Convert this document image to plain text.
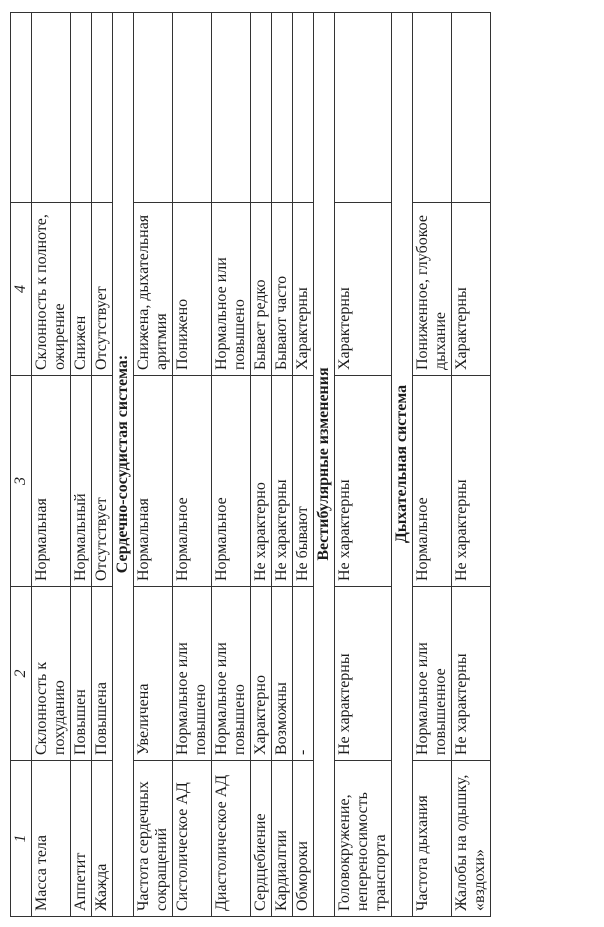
1	2	3	4	
Масса тела	Склонность к похуданию	Нормальная	Склонность к полноте, ожирение	
Аппетит	Повышен	Нормальный	Снижен	
Жажда	Повышена	Отсутствует	Отсутствует	
Сердечно-сосудистая система:				
Частота сердечных сокращений	Увеличена	Нормальная	Снижена, дыхательная аритмия	
Систолическое АД	Нормальное или повышено	Нормальное	Понижено	
Диастолическое АД	Нормальное или повышено	Нормальное	Нормальное или повышено	
Сердцебиение	Характерно	Не характерно	Бывает редко	
Кардиалгии	Возможны	Не характерны	Бывают часто	
Обмороки	-	Не бывают	Характерны	
Вестибулярные изменения				
Головокружение, непереносимость транспорта	Не характерны	Не характерны	Характерны	
Дыхательная система				
Частота дыхания	Нормальное или повышенное	Нормальное	Пониженное, глубокое дыхание	
Жалобы на одышку, «вздохи»	Не характерны	Не характерны	Характерны	
